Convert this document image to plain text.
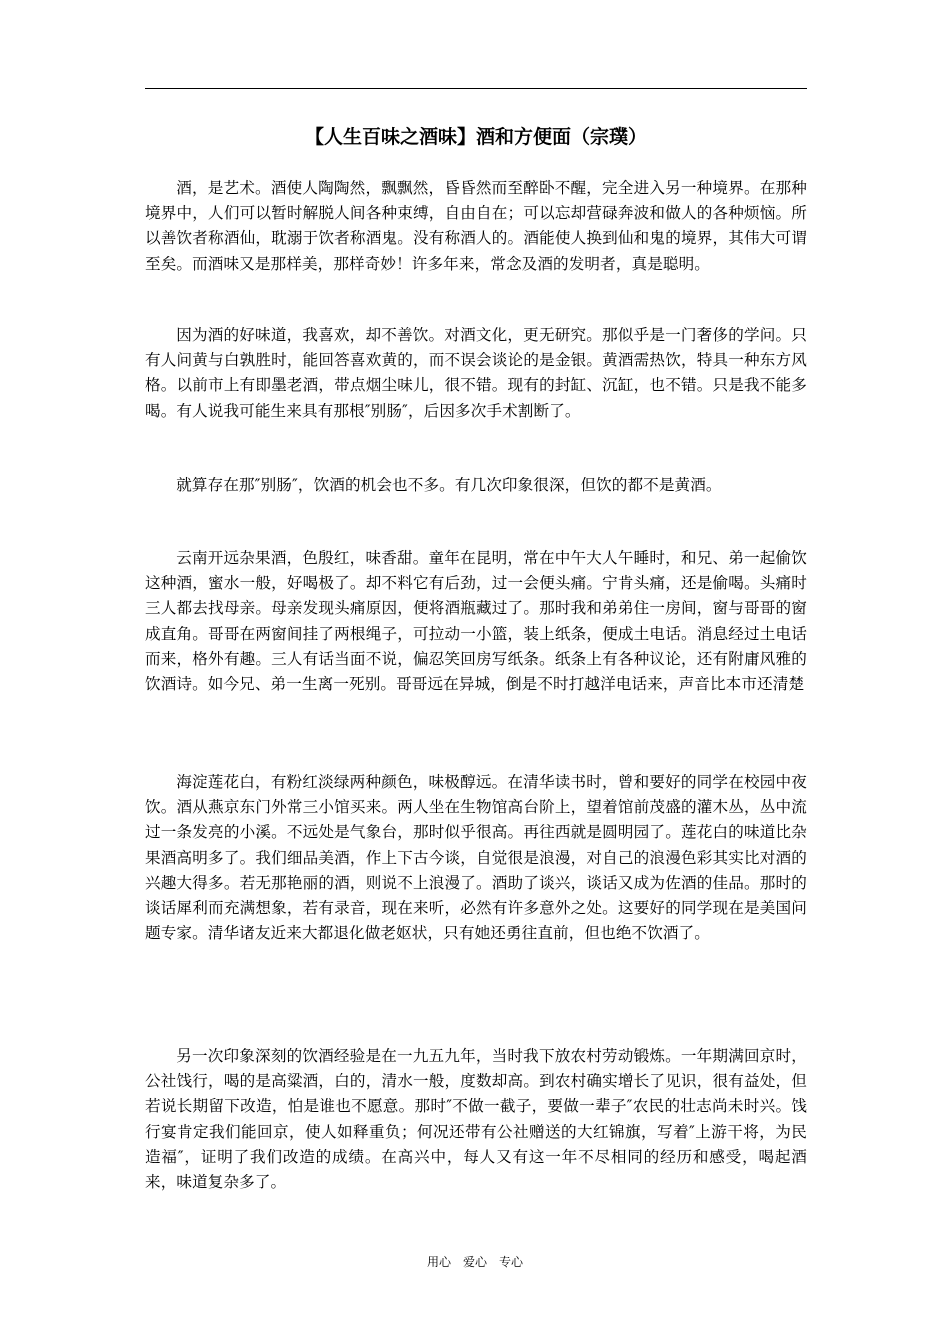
【人生百味之酒味】酒和方便面（宗璞）

酒，是艺术。酒使人陶陶然，飘飘然，昏昏然而至醉卧不醒，完全进入另一种境界。在那种境界中，人们可以暂时解脱人间各种束缚，自由自在；可以忘却营碌奔波和做人的各种烦恼。所以善饮者称酒仙，耽溺于饮者称酒鬼。没有称酒人的。酒能使人换到仙和鬼的境界，其伟大可谓至矣。而酒味又是那样美，那样奇妙！许多年来，常念及酒的发明者，真是聪明。

因为酒的好味道，我喜欢，却不善饮。对酒文化，更无研究。那似乎是一门奢侈的学问。只有人问黄与白孰胜时，能回答喜欢黄的，而不误会谈论的是金银。黄酒需热饮，特具一种东方风格。以前市上有即墨老酒，带点烟尘味儿，很不错。现有的封缸、沉缸，也不错。只是我不能多喝。有人说我可能生来具有那根″别肠″，后因多次手术割断了。

就算存在那″别肠″，饮酒的机会也不多。有几次印象很深，但饮的都不是黄酒。

云南开远杂果酒，色殷红，味香甜。童年在昆明，常在中午大人午睡时，和兄、弟一起偷饮这种酒，蜜水一般，好喝极了。却不料它有后劲，过一会便头痛。宁肯头痛，还是偷喝。头痛时三人都去找母亲。母亲发现头痛原因，便将酒瓶藏过了。那时我和弟弟住一房间，窗与哥哥的窗成直角。哥哥在两窗间挂了两根绳子，可拉动一小篮，装上纸条，便成土电话。消息经过土电话而来，格外有趣。三人有话当面不说，偏忍笑回房写纸条。纸条上有各种议论，还有附庸风雅的饮酒诗。如今兄、弟一生离一死别。哥哥远在异城，倒是不时打越洋电话来，声音比本市还清楚

海淀莲花白，有粉红淡绿两种颜色，味极醇远。在清华读书时，曾和要好的同学在校园中夜饮。酒从燕京东门外常三小馆买来。两人坐在生物馆高台阶上，望着馆前茂盛的灌木丛，丛中流过一条发亮的小溪。不远处是气象台，那时似乎很高。再往西就是圆明园了。莲花白的味道比杂果酒高明多了。我们细品美酒，作上下古今谈，自觉很是浪漫，对自己的浪漫色彩其实比对酒的兴趣大得多。若无那艳丽的酒，则说不上浪漫了。酒助了谈兴，谈话又成为佐酒的佳品。那时的谈话犀利而充满想象，若有录音，现在来听，必然有许多意外之处。这要好的同学现在是美国问题专家。清华诸友近来大都退化做老妪状，只有她还勇往直前，但也绝不饮酒了。

另一次印象深刻的饮酒经验是在一九五九年，当时我下放农村劳动锻炼。一年期满回京时，公社饯行，喝的是高粱酒，白的，清水一般，度数却高。到农村确实增长了见识，很有益处，但若说长期留下改造，怕是谁也不愿意。那时″不做一截子，要做一辈子″农民的壮志尚未时兴。饯行宴肯定我们能回京，使人如释重负；何况还带有公社赠送的大红锦旗，写着″上游干将，为民造福″，证明了我们改造的成绩。在高兴中，每人又有这一年不尽相同的经历和感受，喝起酒来，味道复杂多了。

用心　爱心　专心
